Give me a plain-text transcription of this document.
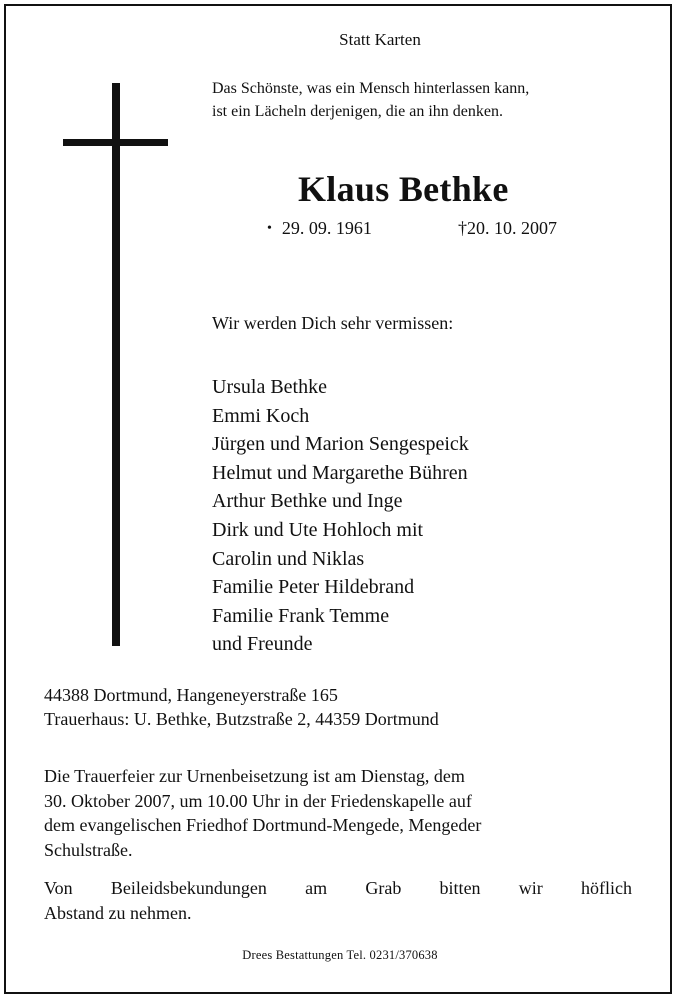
Statt Karten
Das Schönste, was ein Mensch hinterlassen kann,
ist ein Lächeln derjenigen, die an ihn denken.
Klaus Bethke
• 29. 09. 1961	†20. 10. 2007
Wir werden Dich sehr vermissen:
Ursula Bethke
Emmi Koch
Jürgen und Marion Sengespeick
Helmut und Margarethe Bühren
Arthur Bethke und Inge
Dirk und Ute Hohloch mit
Carolin und Niklas
Familie Peter Hildebrand
Familie Frank Temme
und Freunde
44388 Dortmund, Hangeneyerstraße 165
Trauerhaus: U. Bethke, Butzstraße 2, 44359 Dortmund
Die Trauerfeier zur Urnenbeisetzung ist am Dienstag, dem
30. Oktober 2007, um 10.00 Uhr in der Friedenskapelle auf
dem evangelischen Friedhof Dortmund-Mengede, Mengeder
Schulstraße.
Von Beileidsbekundungen am Grab bitten wir höflich
Abstand zu nehmen.
Drees Bestattungen Tel. 0231/370638
